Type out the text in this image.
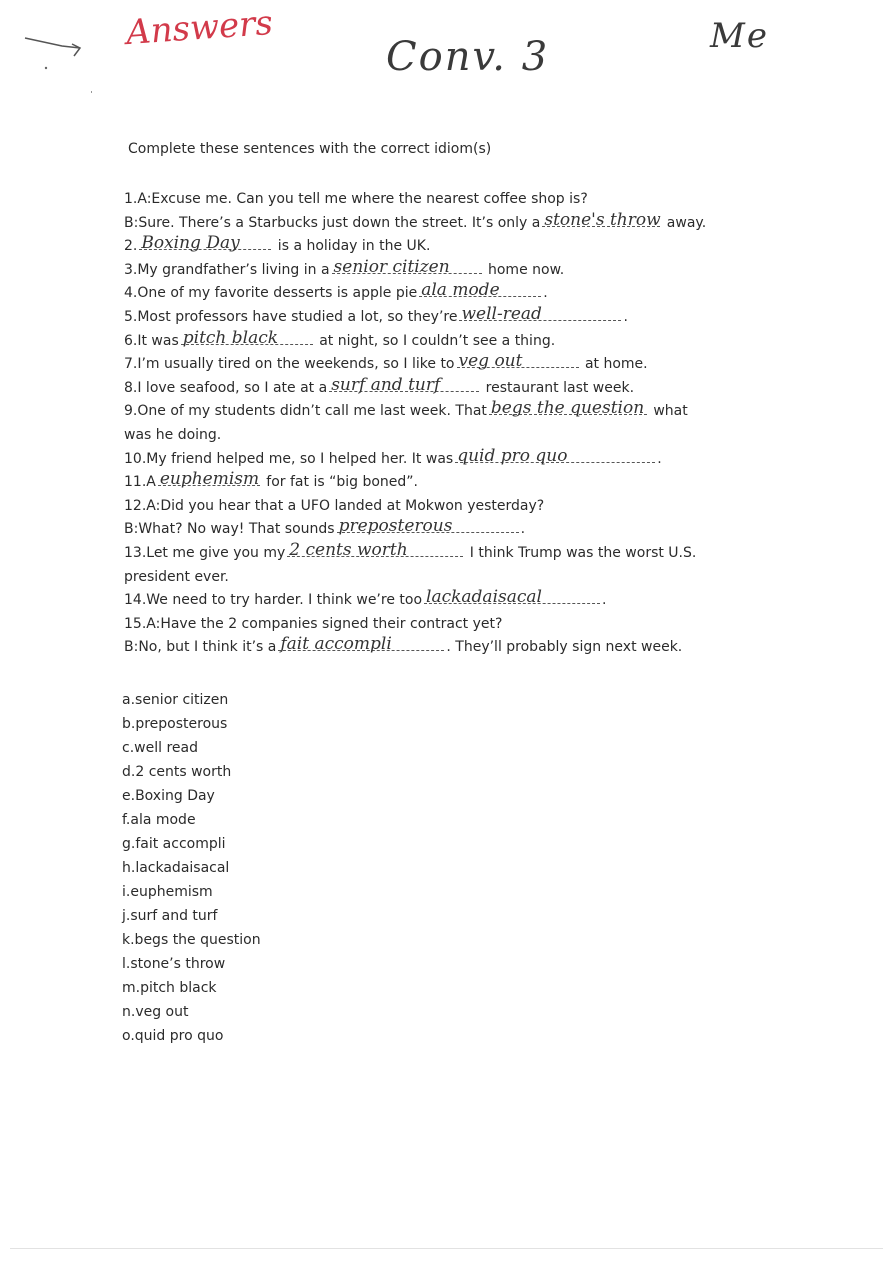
Answers
Conv. 3	Me
Complete these sentences with the correct idiom(s)
1.A:Excuse me. Can you tell me where the nearest coffee shop is?
B:Sure. There’s a Starbucks just down the street. It’s only a stone's throw away.
2. Boxing Day is a holiday in the UK.
3.My grandfather’s living in a senior citizen home now.
4.One of my favorite desserts is apple pie ala mode	.
5.Most professors have studied a lot, so they’re well-read	.
6.It was pitch black	at night, so I couldn’t see a thing.
7.I’m usually tired on the weekends, so I like to veg out	at home.
8.I love seafood, so I ate at a surf and turf	restaurant last week.
9.One of my students didn’t call me last week. That begs the question what
was he doing.
10.My friend helped me, so I helped her. It was quid pro quo	.
11.A euphemism for fat is “big boned”.
12.A:Did you hear that a UFO landed at Mokwon yesterday?
B:What? No way! That sounds preposterous	.
13.Let me give you my 2 cents worth	I think Trump was the worst U.S.
president ever.
14.We need to try harder. I think we’re too lackadaisacal	.
15.A:Have the 2 companies signed their contract yet?
B:No, but I think it’s a fait accompli	. They’ll probably sign next week.
a.senior citizen
b.preposterous
c.well read
d.2 cents worth
e.Boxing Day
f.ala mode
g.fait accompli
h.lackadaisacal
i.euphemism
j.surf and turf
k.begs the question
l.stone’s throw
m.pitch black
n.veg out
o.quid pro quo
